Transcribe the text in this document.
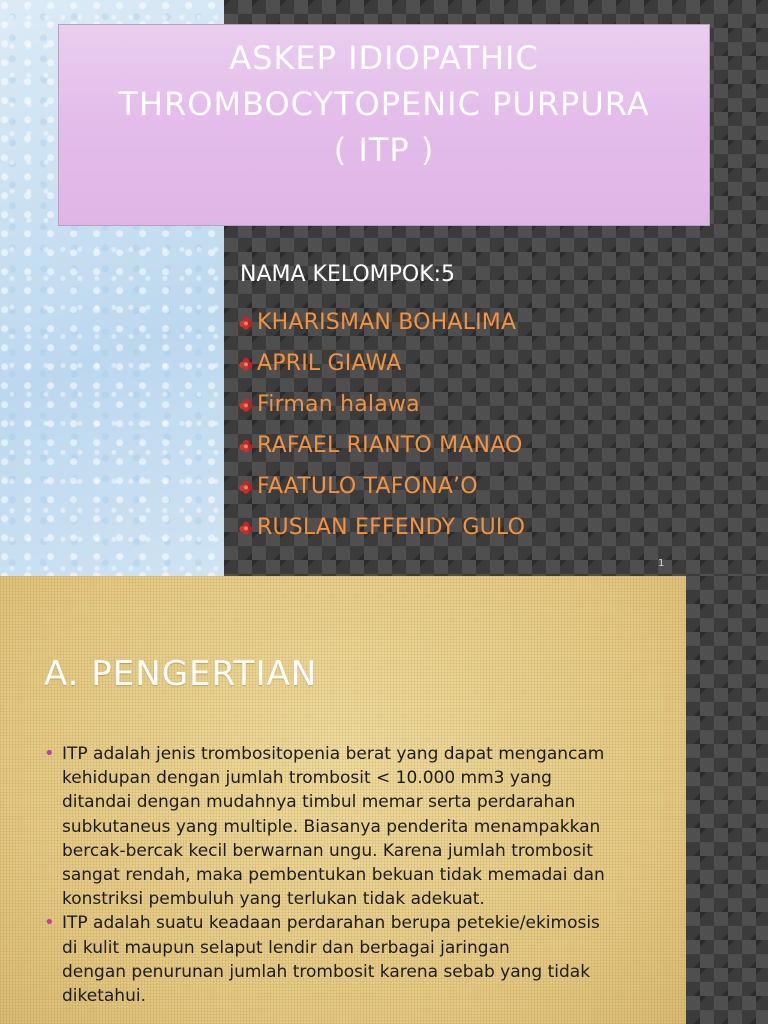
ASKEP IDIOPATHIC
THROMBOCYTOPENIC PURPURA
( ITP )
NAMA KELOMPOK:5
KHARISMAN BOHALIMA
APRIL GIAWA
Firman halawa
RAFAEL RIANTO MANAO
FAATULO TAFONA’O
RUSLAN EFFENDY GULO
1
A. PENGERTIAN
• ITP adalah jenis trombositopenia berat yang dapat mengancam
kehidupan dengan jumlah trombosit < 10.000 mm3 yang
ditandai dengan mudahnya timbul memar serta perdarahan
subkutaneus yang multiple. Biasanya penderita menampakkan
bercak-bercak kecil berwarnan ungu. Karena jumlah trombosit
sangat rendah, maka pembentukan bekuan tidak memadai dan
konstriksi pembuluh yang terlukan tidak adekuat.
• ITP adalah suatu keadaan perdarahan berupa petekie/ekimosis
di kulit maupun selaput lendir dan berbagai jaringan
dengan penurunan jumlah trombosit karena sebab yang tidak
diketahui.
